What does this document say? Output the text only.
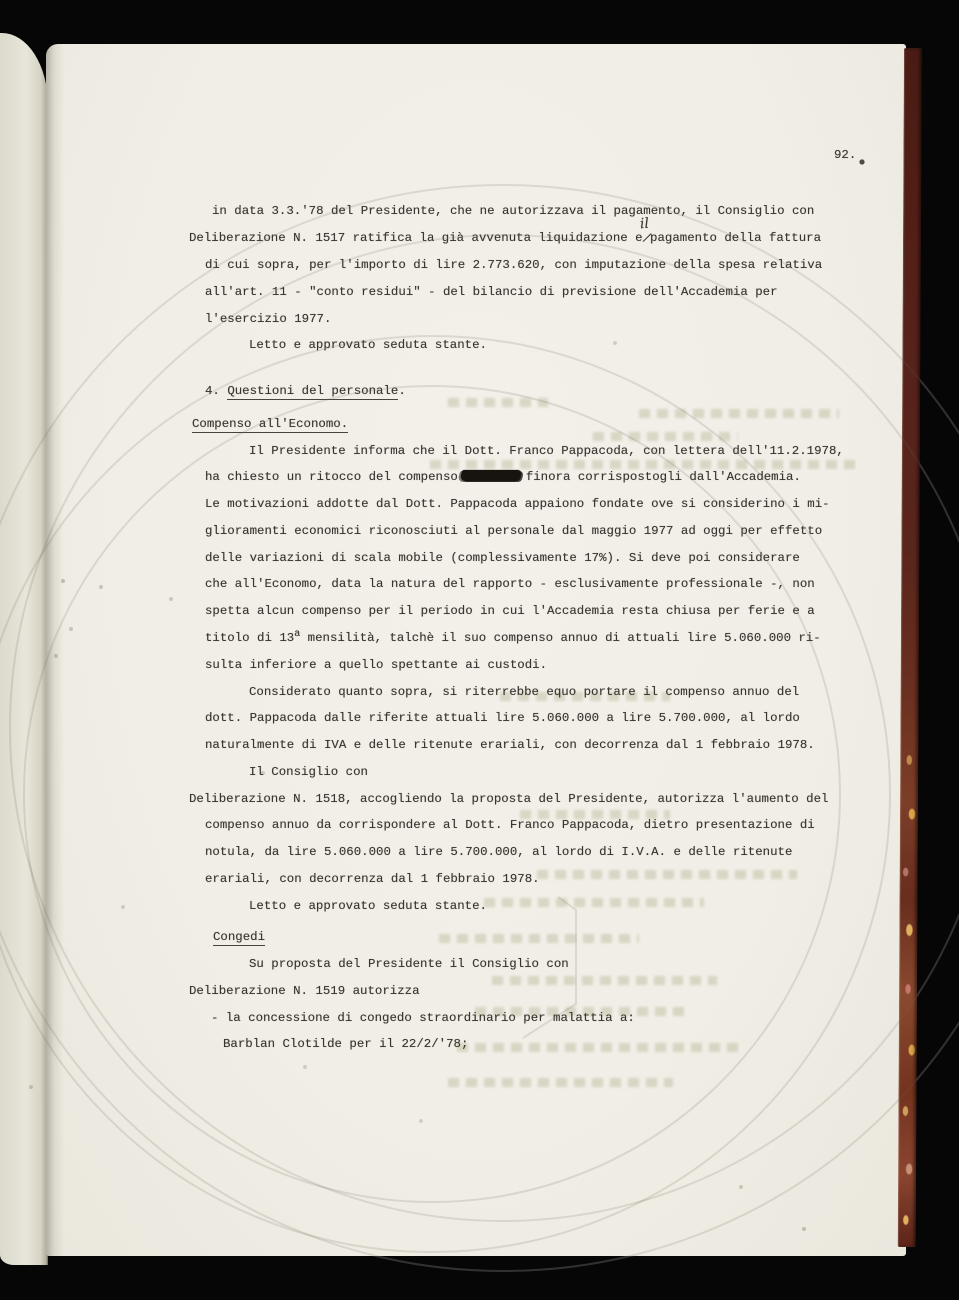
92.
in data 3.3.'78 del Presidente, che ne autorizzava il pagamento, il Consiglio con
Deliberazione N. 1517 ratifica la già avvenuta liquidazione e/
il
pagamento della fattura
di cui sopra, per l'importo di lire 2.773.620, con imputazione della spesa relativa
all'art. 11 - "conto residui" - del bilancio di previsione dell'Accademia per
l'esercizio 1977.
Letto e approvato seduta stante.
4. Questioni del personale.
Compenso all'Economo.
Il Presidente informa che il Dott. Franco Pappacoda, con lettera dell'11.2.1978,
ha chiesto un ritocco del compenso	finora corrispostogli dall'Accademia.
Le motivazioni addotte dal Dott. Pappacoda appaiono fondate ove si considerino i mi-
glioramenti economici riconosciuti al personale dal maggio 1977 ad oggi per effetto
delle variazioni di scala mobile (complessivamente 17%). Si deve poi considerare
che all'Economo, data la natura del rapporto - esclusivamente professionale -, non
spetta alcun compenso per il periodo in cui l'Accademia resta chiusa per ferie e a
titolo di 13$^a$ mensilità, talchè il suo compenso annuo di attuali lire 5.060.000 ri-
sulta inferiore a quello spettante ai custodi.
Considerato quanto sopra, si riterrebbe equo portare il compenso annuo del
dott. Pappacoda dalle riferite attuali lire 5.060.000 a lire 5.700.000, al lordo
naturalmente di IVA e delle ritenute erariali, con decorrenza dal 1 febbraio 1978.
Il Consiglio con
Deliberazione N. 1518, accogliendo la proposta del Presidente, autorizza l'aumento del
compenso annuo da corrispondere al Dott. Franco Pappacoda, dietro presentazione di
notula, da lire 5.060.000 a lire 5.700.000, al lordo di I.V.A. e delle ritenute
erariali, con decorrenza dal 1 febbraio 1978.
Letto e approvato seduta stante.
Congedi
Su proposta del Presidente il Consiglio con
Deliberazione N. 1519 autorizza
- la concessione di congedo straordinario per malattia a:
Barblan Clotilde per il 22/2/'78;
